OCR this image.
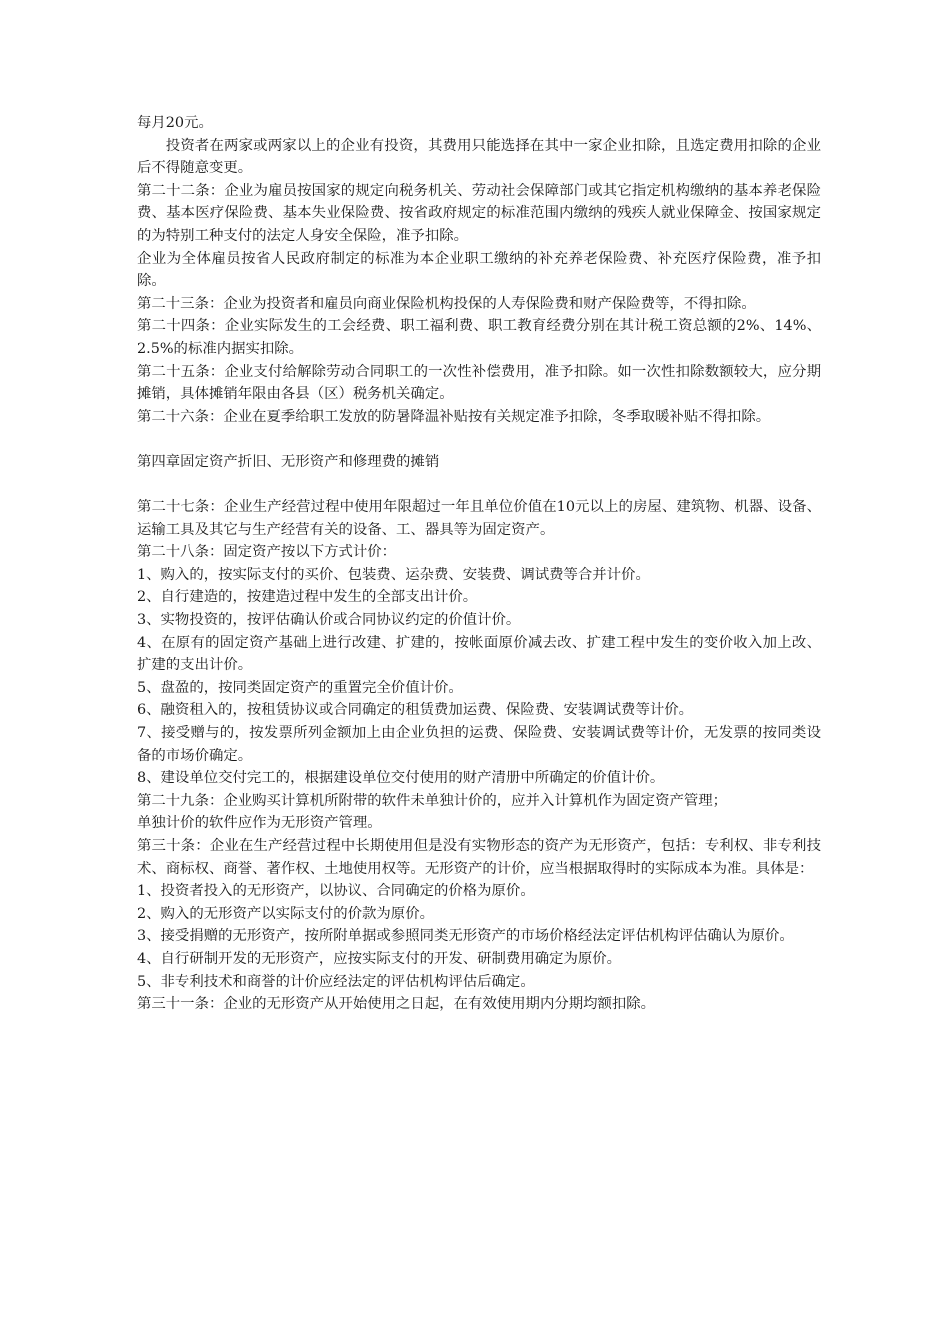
每月20元。

投资者在两家或两家以上的企业有投资，其费用只能选择在其中一家企业扣除，且选定费用扣除的企业后不得随意变更。

第二十二条：企业为雇员按国家的规定向税务机关、劳动社会保障部门或其它指定机构缴纳的基本养老保险费、基本医疗保险费、基本失业保险费、按省政府规定的标准范围内缴纳的残疾人就业保障金、按国家规定的为特别工种支付的法定人身安全保险，准予扣除。

企业为全体雇员按省人民政府制定的标准为本企业职工缴纳的补充养老保险费、补充医疗保险费，准予扣除。

第二十三条：企业为投资者和雇员向商业保险机构投保的人寿保险费和财产保险费等，不得扣除。

第二十四条：企业实际发生的工会经费、职工福利费、职工教育经费分别在其计税工资总额的2%、14%、2.5%的标准内据实扣除。

第二十五条：企业支付给解除劳动合同职工的一次性补偿费用，准予扣除。如一次性扣除数额较大，应分期摊销，具体摊销年限由各县（区）税务机关确定。

第二十六条：企业在夏季给职工发放的防暑降温补贴按有关规定准予扣除，冬季取暖补贴不得扣除。

第四章固定资产折旧、无形资产和修理费的摊销

第二十七条：企业生产经营过程中使用年限超过一年且单位价值在10元以上的房屋、建筑物、机器、设备、运输工具及其它与生产经营有关的设备、工、器具等为固定资产。

第二十八条：固定资产按以下方式计价：

1、购入的，按实际支付的买价、包装费、运杂费、安装费、调试费等合并计价。

2、自行建造的，按建造过程中发生的全部支出计价。

3、实物投资的，按评估确认价或合同协议约定的价值计价。

4、在原有的固定资产基础上进行改建、扩建的，按帐面原价减去改、扩建工程中发生的变价收入加上改、扩建的支出计价。

5、盘盈的，按同类固定资产的重置完全价值计价。

6、融资租入的，按租赁协议或合同确定的租赁费加运费、保险费、安装调试费等计价。

7、接受赠与的，按发票所列金额加上由企业负担的运费、保险费、安装调试费等计价，无发票的按同类设备的市场价确定。

8、建设单位交付完工的，根据建设单位交付使用的财产清册中所确定的价值计价。

第二十九条：企业购买计算机所附带的软件未单独计价的，应并入计算机作为固定资产管理；

单独计价的软件应作为无形资产管理。

第三十条：企业在生产经营过程中长期使用但是没有实物形态的资产为无形资产，包括：专利权、非专利技术、商标权、商誉、著作权、土地使用权等。无形资产的计价，应当根据取得时的实际成本为准。具体是：

1、投资者投入的无形资产，以协议、合同确定的价格为原价。

2、购入的无形资产以实际支付的价款为原价。

3、接受捐赠的无形资产，按所附单据或参照同类无形资产的市场价格经法定评估机构评估确认为原价。

4、自行研制开发的无形资产，应按实际支付的开发、研制费用确定为原价。

5、非专利技术和商誉的计价应经法定的评估机构评估后确定。

第三十一条：企业的无形资产从开始使用之日起，在有效使用期内分期均额扣除。
